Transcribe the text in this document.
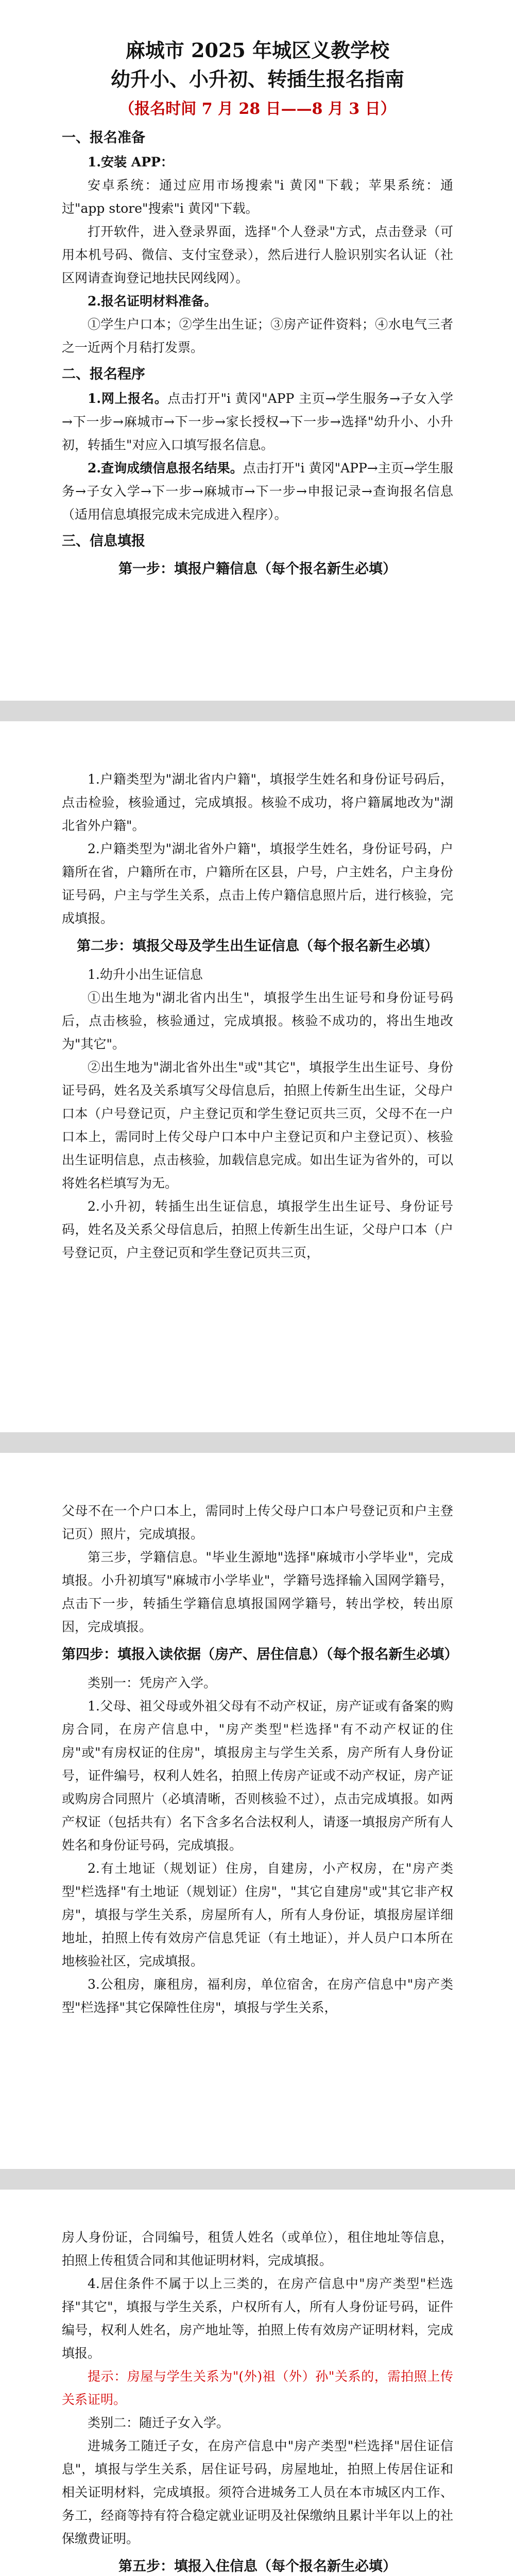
麻城市 2025 年城区义教学校
幼升小、小升初、转插生报名指南
（报名时间 7 月 28 日——8 月 3 日）
一、报名准备

1.安装 APP：

安卓系统：通过应用市场搜索"i 黄冈"下载；苹果系统：通过"app store"搜索"i 黄冈"下载。

打开软件，进入登录界面，选择"个人登录"方式，点击登录（可用本机号码、微信、支付宝登录），然后进行人脸识别实名认证（社区网请查询登记地扶民网线网）。

2.报名证明材料准备。

①学生户口本；②学生出生证；③房产证件资料；④水电气三者之一近两个月秸打发票。

二、报名程序

1.网上报名。点击打开"i 黄冈"APP 主页→学生服务→子女入学→下一步→麻城市→下一步→家长授权→下一步→选择"幼升小、小升初，转插生"对应入口填写报名信息。

2.查询成绩信息报名结果。点击打开"i 黄冈"APP→主页→学生服务→子女入学→下一步→麻城市→下一步→申报记录→查询报名信息（适用信息填报完成未完成进入程序）。

三、信息填报
第一步：填报户籍信息（每个报名新生必填）

1.户籍类型为"湖北省内户籍"，填报学生姓名和身份证号码后，点击检验，核验通过，完成填报。核验不成功，将户籍属地改为"湖北省外户籍"。

2.户籍类型为"湖北省外户籍"，填报学生姓名，身份证号码，户籍所在省，户籍所在市，户籍所在区县，户号，户主姓名，户主身份证号码，户主与学生关系，点击上传户籍信息照片后，进行核验，完成填报。

第二步：填报父母及学生出生证信息（每个报名新生必填）

1.幼升小出生证信息

①出生地为"湖北省内出生"，填报学生出生证号和身份证号码后，点击核验，核验通过，完成填报。核验不成功的，将出生地改为"其它"。

②出生地为"湖北省外出生"或"其它"，填报学生出生证号、身份证号码，姓名及关系填写父母信息后，拍照上传新生出生证，父母户口本（户号登记页，户主登记页和学生登记页共三页，父母不在一户口本上，需同时上传父母户口本中户主登记页和户主登记页）、核验出生证明信息，点击核验，加载信息完成。如出生证为省外的，可以将姓名栏填写为无。

2.小升初，转插生出生证信息，填报学生出生证号、身份证号码，姓名及关系父母信息后，拍照上传新生出生证，父母户口本（户号登记页，户主登记页和学生登记页共三页，

父母不在一个户口本上，需同时上传父母户口本户号登记页和户主登记页）照片，完成填报。

第三步，学籍信息。"毕业生源地"选择"麻城市小学毕业"，完成填报。小升初填写"麻城市小学毕业"，学籍号选择输入国网学籍号，点击下一步，转插生学籍信息填报国网学籍号，转出学校，转出原因，完成填报。

第四步：填报入读依据（房产、居住信息）（每个报名新生必填）

类别一：凭房产入学。

1.父母、祖父母或外祖父母有不动产权证，房产证或有备案的购房合同，在房产信息中，"房产类型"栏选择"有不动产权证的住房"或"有房权证的住房"，填报房主与学生关系，房产所有人身份证号，证件编号，权利人姓名，拍照上传房产证或不动产权证，房产证或购房合同照片（必填清晰，否则核验不过），点击完成填报。如两产权证（包括共有）名下含多名合法权利人，请逐一填报房产所有人姓名和身份证号码，完成填报。

2.有土地证（规划证）住房，自建房，小产权房，在"房产类型"栏选择"有土地证（规划证）住房"，"其它自建房"或"其它非产权房"，填报与学生关系，房屋所有人，所有人身份证，填报房屋详细地址，拍照上传有效房产信息凭证（有土地证），并人员户口本所在地核验社区，完成填报。

3.公租房，廉租房，福利房，单位宿舍，在房产信息中"房产类型"栏选择"其它保障性住房"，填报与学生关系，

房人身份证，合同编号，租赁人姓名（或单位），租住地址等信息，拍照上传租赁合同和其他证明材料，完成填报。

4.居住条件不属于以上三类的，在房产信息中"房产类型"栏选择"其它"，填报与学生关系，户权所有人，所有人身份证号码，证件编号，权利人姓名，房产地址等，拍照上传有效房产证明材料，完成填报。

提示：房屋与学生关系为"(外)祖（外）孙"关系的，需拍照上传关系证明。

类别二：随迁子女入学。

进城务工随迁子女，在房产信息中"房产类型"栏选择"居住证信息"，填报与学生关系，居住证号码，房屋地址，拍照上传居住证和相关证明材料，完成填报。须符合进城务工人员在本市城区内工作、务工，经商等持有符合稳定就业证明及社保缴纳且累计半年以上的社保缴费证明。

第五步：填报入住信息（每个报名新生必填）
